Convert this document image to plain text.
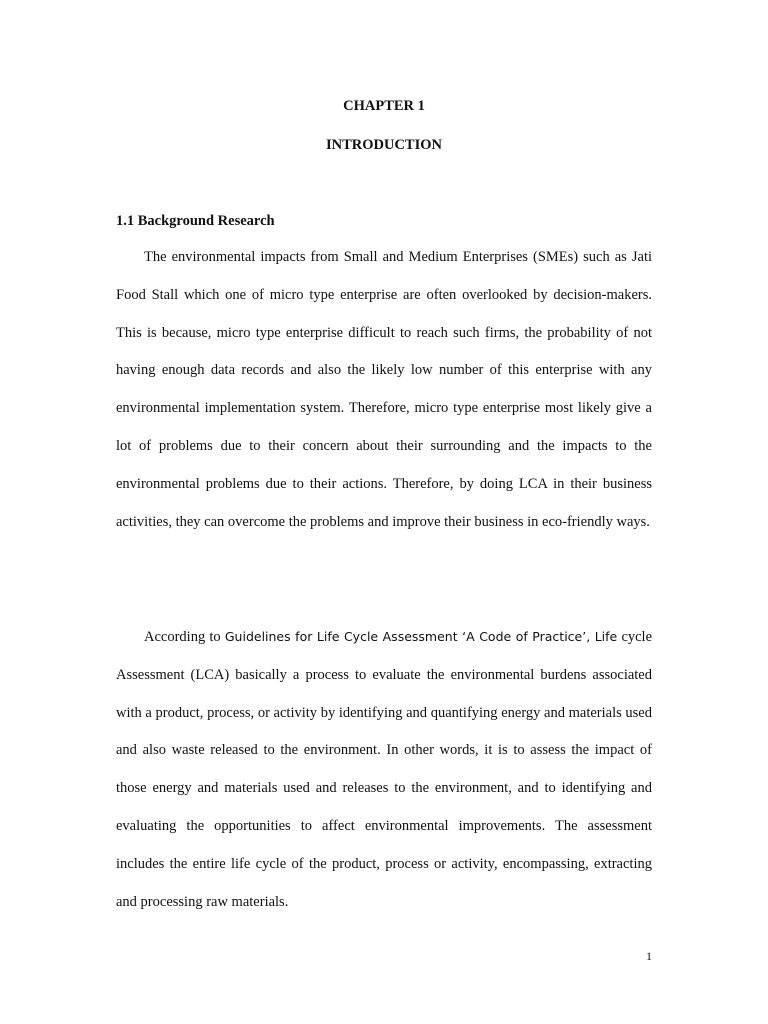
CHAPTER 1
INTRODUCTION
1.1 Background Research

The environmental impacts from Small and Medium Enterprises (SMEs) such as Jati Food Stall which one of micro type enterprise are often overlooked by decision-makers. This is because, micro type enterprise difficult to reach such firms, the probability of not having enough data records and also the likely low number of this enterprise with any environmental implementation system. Therefore, micro type enterprise most likely give a lot of problems due to their concern about their surrounding and the impacts to the environmental problems due to their actions. Therefore, by doing LCA in their business activities, they can overcome the problems and improve their business in eco-friendly ways.

According to Guidelines for Life Cycle Assessment ‘A Code of Practice’, Life cycle Assessment (LCA) basically a process to evaluate the environmental burdens associated with a product, process, or activity by identifying and quantifying energy and materials used and also waste released to the environment. In other words, it is to assess the impact of those energy and materials used and releases to the environment, and to identifying and evaluating the opportunities to affect environmental improvements. The assessment includes the entire life cycle of the product, process or activity, encompassing, extracting and processing raw materials.

1
